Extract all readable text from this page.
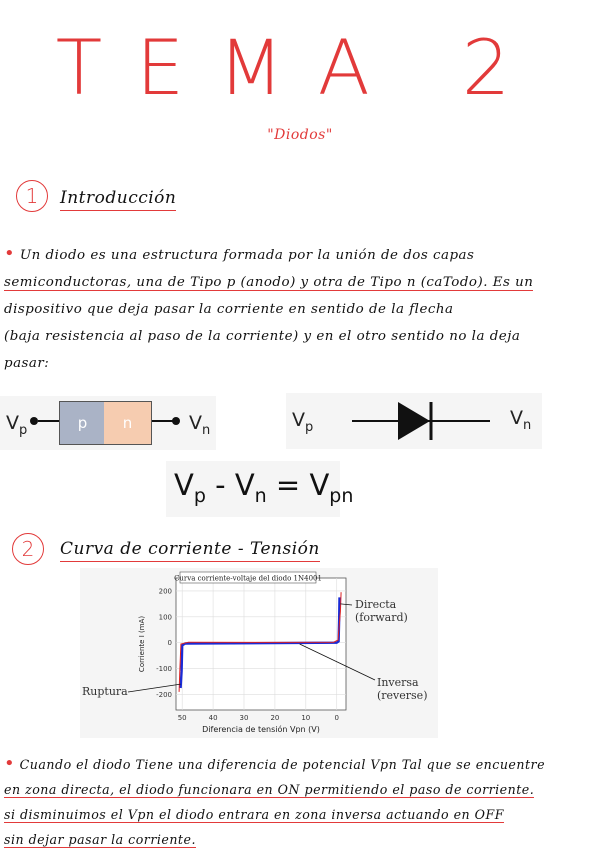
TEMA 2
"Diodos"
1	Introducción

• Un diodo es una estructura formada por la unión de dos capas

semiconductoras, una de Tipo p (anodo) y otra de Tipo n (caTodo). Es un

dispositivo que deja pasar la corriente en sentido de la flecha

(baja resistencia al paso de la corriente) y en el otro sentido no la deja

pasar:

$V_p$	p	n	$V_n$	$V_p$	$V_n$
$V_p - V_n = V_{pn}$
2	Curva de corriente - Tensión
50	40	30	20	10	0
200
100
0
-100
-200
Curva corriente-voltaje del diodo 1N4001
Diferencia de tensión Vpn (V)
Corriente I (mA)
Directa
(forward)
Inversa
(reverse)
Ruptura

• Cuando el diodo Tiene una diferencia de potencial Vpn Tal que se encuentre

en zona directa, el diodo funcionara en ON permitiendo el paso de corriente.

si disminuimos el Vpn el diodo entrara en zona inversa actuando en OFF

sin dejar pasar la corriente.
